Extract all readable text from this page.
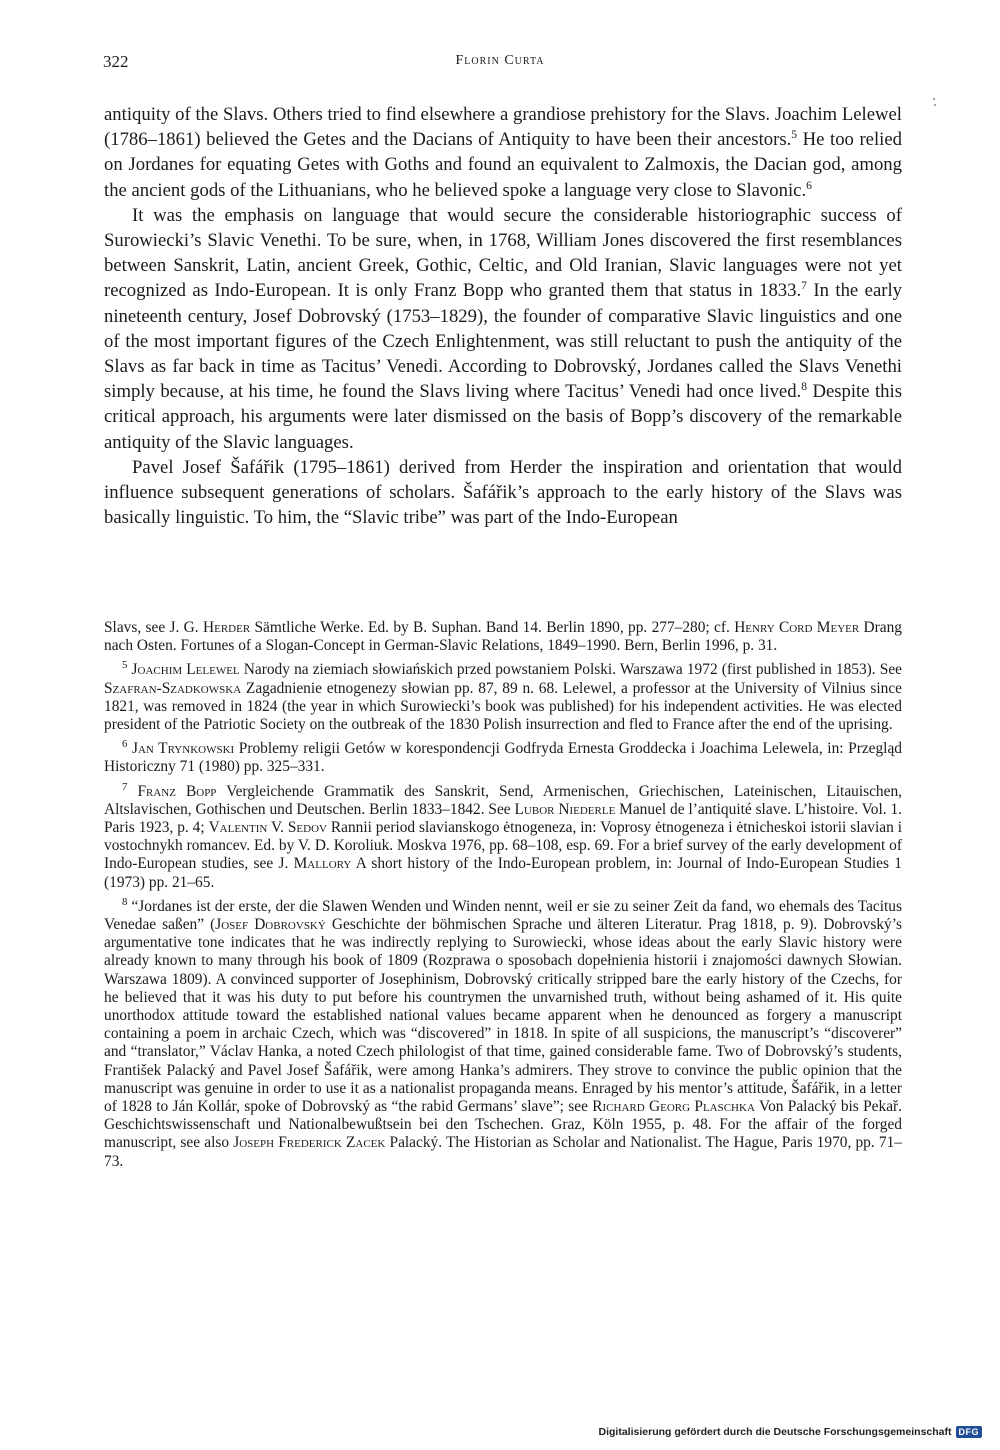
322	Florin Curta

antiquity of the Slavs. Others tried to find elsewhere a grandiose prehistory for the Slavs. Joachim Lelewel (1786–1861) believed the Getes and the Dacians of Antiquity to have been their ancestors.$^5$ He too relied on Jordanes for equating Getes with Goths and found an equivalent to Zalmoxis, the Dacian god, among the ancient gods of the Lithuanians, who he believed spoke a language very close to Slavonic.$^6$

It was the emphasis on language that would secure the considerable historiographic success of Surowiecki’s Slavic Venethi. To be sure, when, in 1768, William Jones discovered the first resemblances between Sanskrit, Latin, ancient Greek, Gothic, Celtic, and Old Iranian, Slavic languages were not yet recognized as Indo-European. It is only Franz Bopp who granted them that status in 1833.$^7$ In the early nineteenth century, Josef Dobrovský (1753–1829), the founder of comparative Slavic linguistics and one of the most important figures of the Czech Enlightenment, was still reluctant to push the antiquity of the Slavs as far back in time as Tacitus’ Venedi. According to Dobrovský, Jordanes called the Slavs Venethi simply because, at his time, he found the Slavs living where Tacitus’ Venedi had once lived.$^8$ Despite this critical approach, his arguments were later dismissed on the basis of Bopp’s discovery of the remarkable antiquity of the Slavic languages.

Pavel Josef Šafářik (1795–1861) derived from Herder the inspiration and orientation that would influence subsequent generations of scholars. Šafářik’s approach to the early history of the Slavs was basically linguistic. To him, the “Slavic tribe” was part of the Indo-European

Slavs, see J. G. Herder Sämtliche Werke. Ed. by B. Suphan. Band 14. Berlin 1890, pp. 277–280; cf. Henry Cord Meyer Drang nach Osten. Fortunes of a Slogan-Concept in German-Slavic Relations, 1849–1990. Bern, Berlin 1996, p. 31.

$^5$ Joachim Lelewel Narody na ziemiach słowiańskich przed powstaniem Polski. Warszawa 1972 (first published in 1853). See Szafran-Szadkowska Zagadnienie etnogenezy słowian pp. 87, 89 n. 68. Lelewel, a professor at the University of Vilnius since 1821, was removed in 1824 (the year in which Surowiecki’s book was published) for his independent activities. He was elected president of the Patriotic Society on the outbreak of the 1830 Polish insurrection and fled to France after the end of the uprising.

$^6$ Jan Trynkowski Problemy religii Getów w korespondencji Godfryda Ernesta Groddecka i Joachima Lelewela, in: Przegląd Historiczny 71 (1980) pp. 325–331.

$^7$ Franz Bopp Vergleichende Grammatik des Sanskrit, Send, Armenischen, Griechischen, Lateinischen, Litauischen, Altslavischen, Gothischen und Deutschen. Berlin 1833–1842. See Lubor Niederle Manuel de l’antiquité slave. L’histoire. Vol. 1. Paris 1923, p. 4; Valentin V. Sedov Rannii period slavianskogo ėtnogeneza, in: Voprosy ėtnogeneza i ėtnicheskoi istorii slavian i vostochnykh romancev. Ed. by V. D. Koroliuk. Moskva 1976, pp. 68–108, esp. 69. For a brief survey of the early development of Indo-European studies, see J. Mallory A short history of the Indo-European problem, in: Journal of Indo-European Studies 1 (1973) pp. 21–65.

$^8$ “Jordanes ist der erste, der die Slawen Wenden und Winden nennt, weil er sie zu seiner Zeit da fand, wo ehemals des Tacitus Venedae saßen” (Josef Dobrovský Geschichte der böhmischen Sprache und älteren Literatur. Prag 1818, p. 9). Dobrovský’s argumentative tone indicates that he was indirectly replying to Surowiecki, whose ideas about the early Slavic history were already known to many through his book of 1809 (Rozprawa o sposobach dopełnienia historii i znajomości dawnych Słowian. Warszawa 1809). A convinced supporter of Josephinism, Dobrovský critically stripped bare the early history of the Czechs, for he believed that it was his duty to put before his countrymen the unvarnished truth, without being ashamed of it. His quite unorthodox attitude toward the established national values became apparent when he denounced as forgery a manuscript containing a poem in archaic Czech, which was “discovered” in 1818. In spite of all suspicions, the manuscript’s “discoverer” and “translator,” Václav Hanka, a noted Czech philologist of that time, gained considerable fame. Two of Dobrovský’s students, František Palacký and Pavel Josef Šafářik, were among Hanka’s admirers. They strove to convince the public opinion that the manuscript was genuine in order to use it as a nationalist propaganda means. Enraged by his mentor’s attitude, Šafářik, in a letter of 1828 to Ján Kollár, spoke of Dobrovský as “the rabid Germans’ slave”; see Richard Georg Plaschka Von Palacký bis Pekař. Geschichtswissenschaft und Nationalbewußtsein bei den Tschechen. Graz, Köln 1955, p. 48. For the affair of the forged manuscript, see also Joseph Frederick Zacek Palacký. The Historian as Scholar and Nationalist. The Hague, Paris 1970, pp. 71–73.

Digitalisierung gefördert durch die Deutsche Forschungsgemeinschaft DFG
